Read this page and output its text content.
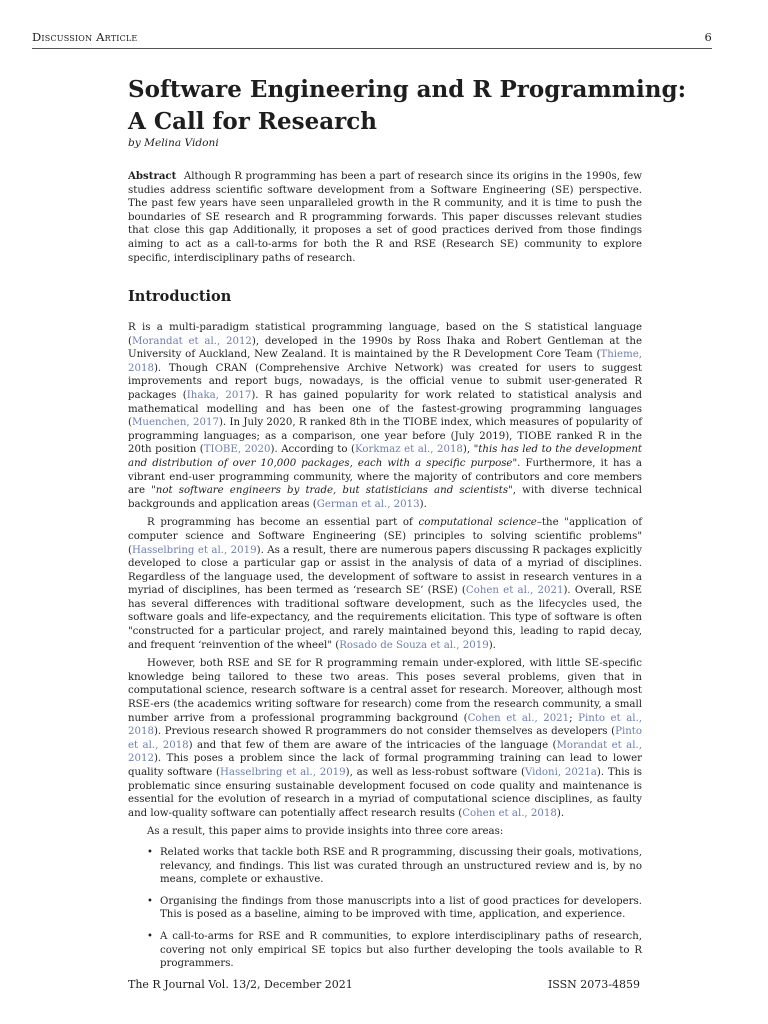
Discussion Article	6
Software Engineering and R Programming:
A Call for Research
by Melina Vidoni

Abstract Although R programming has been a part of research since its origins in the 1990s, few studies address scientific software development from a Software Engineering (SE) perspective. The past few years have seen unparalleled growth in the R community, and it is time to push the boundaries of SE research and R programming forwards. This paper discusses relevant studies that close this gap Additionally, it proposes a set of good practices derived from those findings aiming to act as a call-to-arms for both the R and RSE (Research SE) community to explore specific, interdisciplinary paths of research.

Introduction

R is a multi-paradigm statistical programming language, based on the S statistical language (Morandat et al., 2012), developed in the 1990s by Ross Ihaka and Robert Gentleman at the University of Auckland, New Zealand. It is maintained by the R Development Core Team (Thieme, 2018). Though CRAN (Comprehensive Archive Network) was created for users to suggest improvements and report bugs, nowadays, is the official venue to submit user-generated R packages (Ihaka, 2017). R has gained popularity for work related to statistical analysis and mathematical modelling and has been one of the fastest-growing programming languages (Muenchen, 2017). In July 2020, R ranked 8th in the TIOBE index, which measures of popularity of programming languages; as a comparison, one year before (July 2019), TIOBE ranked R in the 20th position (TIOBE, 2020). According to (Korkmaz et al., 2018), "this has led to the development and distribution of over 10,000 packages, each with a specific purpose". Furthermore, it has a vibrant end-user programming community, where the majority of contributors and core members are "not software engineers by trade, but statisticians and scientists", with diverse technical backgrounds and application areas (German et al., 2013).

R programming has become an essential part of computational science–the "application of computer science and Software Engineering (SE) principles to solving scientific problems" (Hasselbring et al., 2019). As a result, there are numerous papers discussing R packages explicitly developed to close a particular gap or assist in the analysis of data of a myriad of disciplines. Regardless of the language used, the development of software to assist in research ventures in a myriad of disciplines, has been termed as ‘research SE’ (RSE) (Cohen et al., 2021). Overall, RSE has several differences with traditional software development, such as the lifecycles used, the software goals and life-expectancy, and the requirements elicitation. This type of software is often "constructed for a particular project, and rarely maintained beyond this, leading to rapid decay, and frequent ‘reinvention of the wheel" (Rosado de Souza et al., 2019).

However, both RSE and SE for R programming remain under-explored, with little SE-specific knowledge being tailored to these two areas. This poses several problems, given that in computational science, research software is a central asset for research. Moreover, although most RSE-ers (the academics writing software for research) come from the research community, a small number arrive from a professional programming background (Cohen et al., 2021; Pinto et al., 2018). Previous research showed R programmers do not consider themselves as developers (Pinto et al., 2018) and that few of them are aware of the intricacies of the language (Morandat et al., 2012). This poses a problem since the lack of formal programming training can lead to lower quality software (Hasselbring et al., 2019), as well as less-robust software (Vidoni, 2021a). This is problematic since ensuring sustainable development focused on code quality and maintenance is essential for the evolution of research in a myriad of computational science disciplines, as faulty and low-quality software can potentially affect research results (Cohen et al., 2018).

As a result, this paper aims to provide insights into three core areas:

• Related works that tackle both RSE and R programming, discussing their goals, motivations, relevancy, and findings. This list was curated through an unstructured review and is, by no means, complete or exhaustive.
• Organising the findings from those manuscripts into a list of good practices for developers. This is posed as a baseline, aiming to be improved with time, application, and experience.
• A call-to-arms for RSE and R communities, to explore interdisciplinary paths of research, covering not only empirical SE topics but also further developing the tools available to R programmers.
The R Journal Vol. 13/2, December 2021	ISSN 2073-4859
